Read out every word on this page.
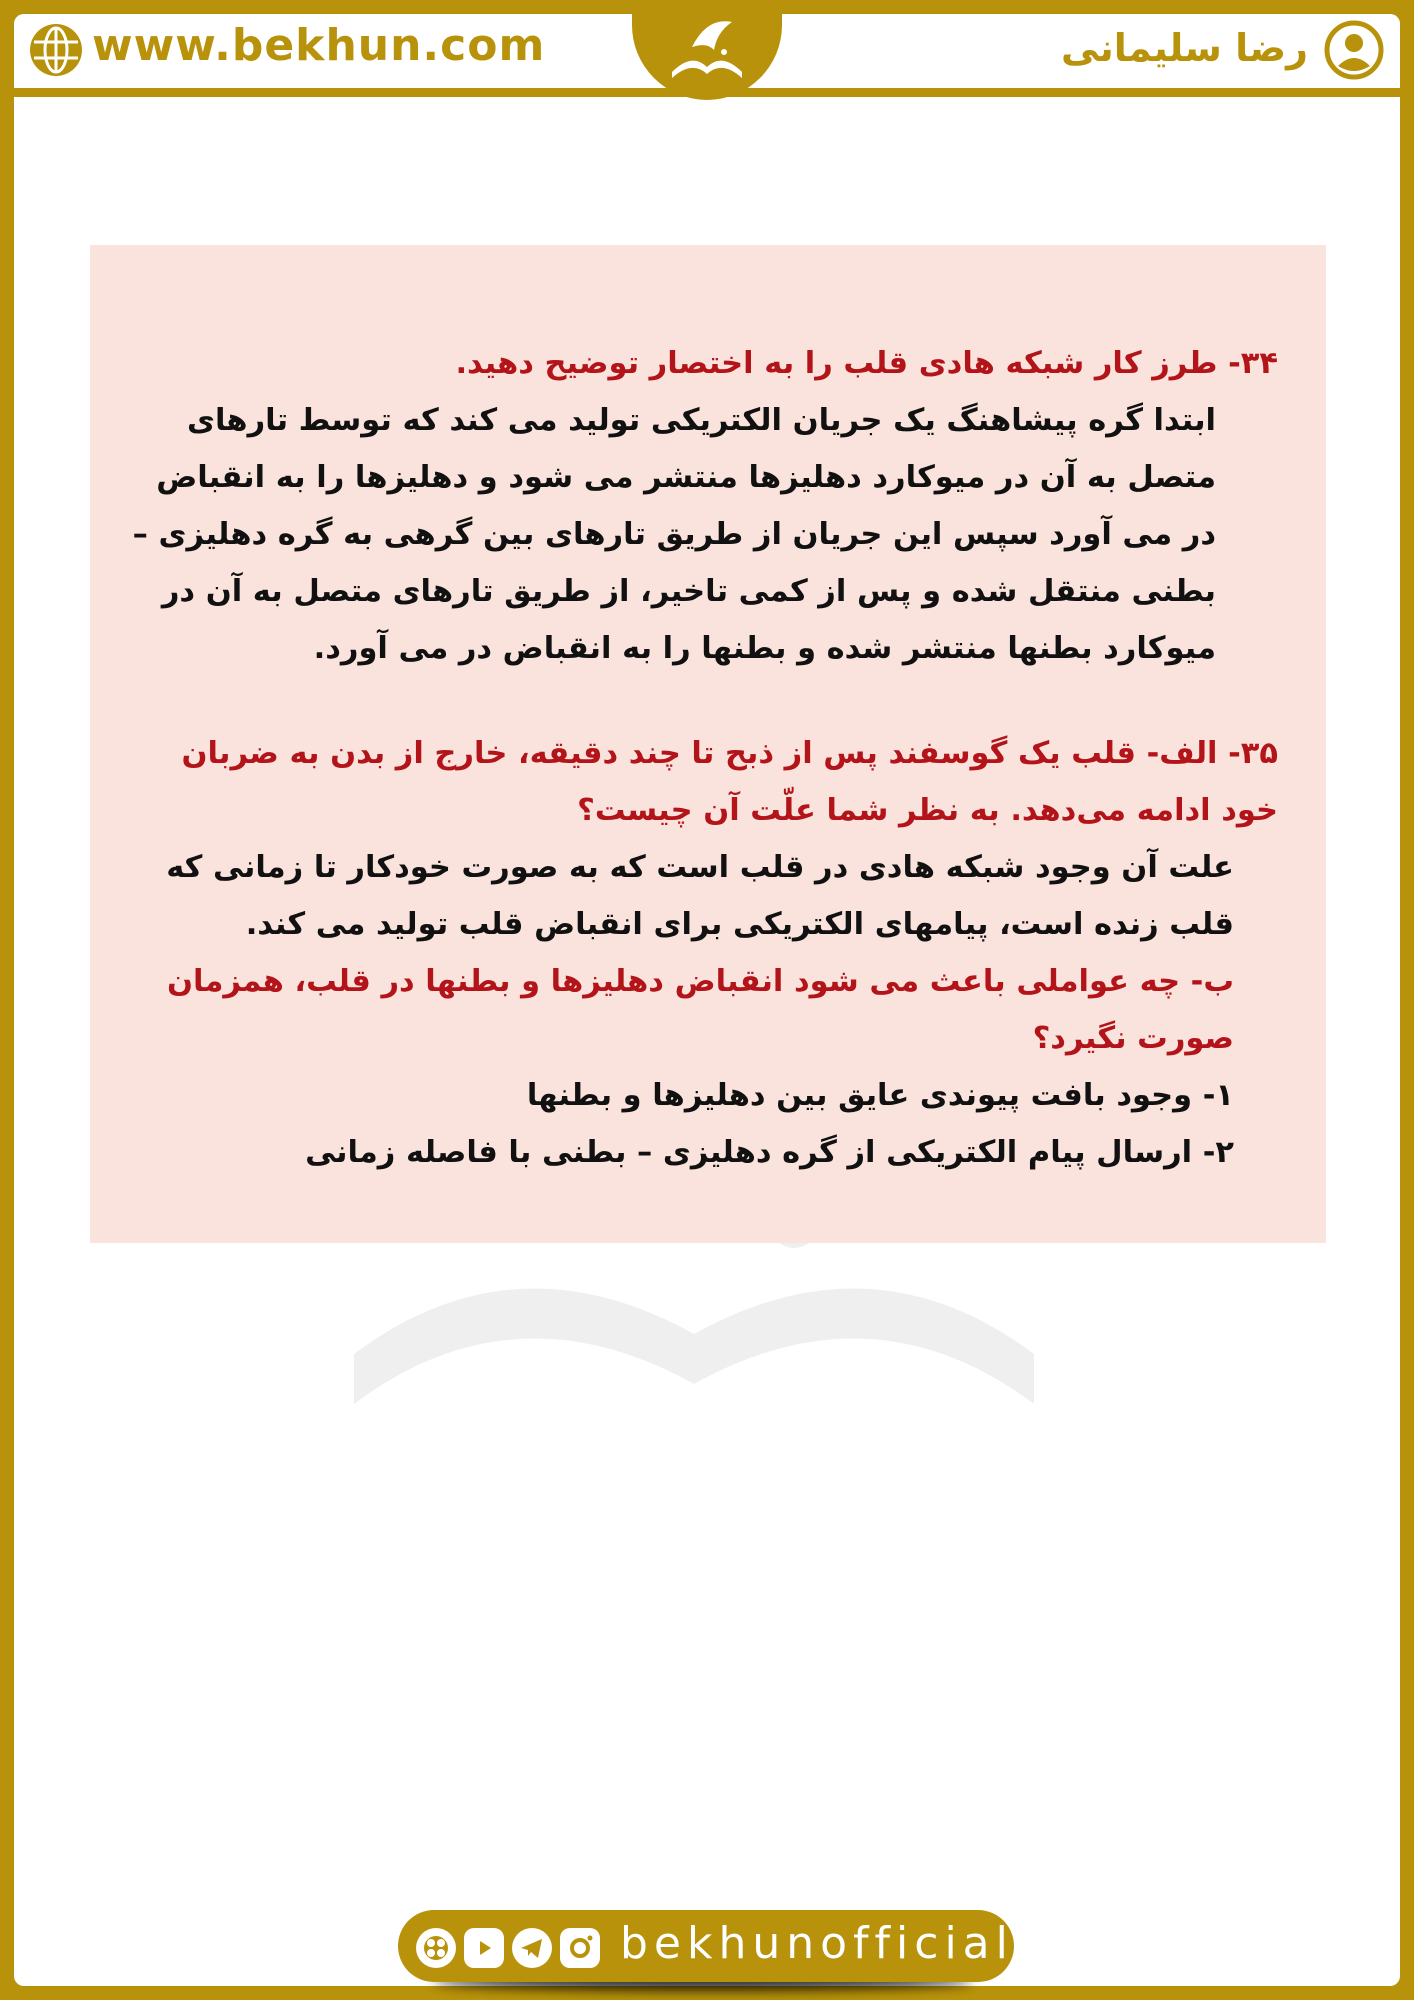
www.bekhun.com	رضا سلیمانی

۳۴- طرز کار شبکه هادی قلب را به اختصار توضیح دهید.

ابتدا گره پیشاهنگ یک جریان الکتریکی تولید می کند که توسط تارهای متصل به آن در میوکارد دهلیزها منتشر می شود و دهلیزها را به انقباض در می آورد سپس این جریان از طریق تارهای بین گرهی به گره دهلیزی – بطنی منتقل شده و پس از کمی تاخیر، از طریق تارهای متصل به آن در میوکارد بطنها منتشر شده و بطنها را به انقباض در می آورد.

۳۵- الف- قلب یک گوسفند پس از ذبح تا چند دقیقه، خارج از بدن به ضربان خود ادامه می‌دهد. به نظر شما علّت آن چیست؟

علت آن وجود شبکه هادی در قلب است که به صورت خودکار تا زمانی که قلب زنده است، پیامهای الکتریکی برای انقباض قلب تولید می کند.

ب- چه عواملی باعث می شود انقباض دهلیزها و بطنها در قلب، همزمان صورت نگیرد؟

۱- وجود بافت پیوندی عایق بین دهلیزها و بطنها

۲- ارسال پیام الکتریکی از گره دهلیزی – بطنی با فاصله زمانی

bekhunofficial
